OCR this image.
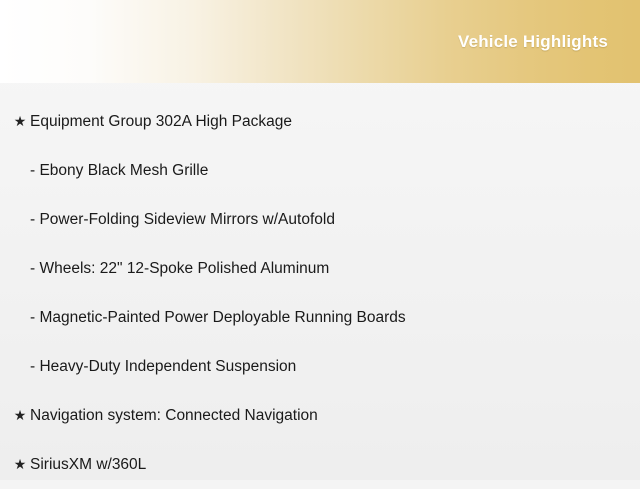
Vehicle Highlights
★ Equipment Group 302A High Package
- Ebony Black Mesh Grille
- Power-Folding Sideview Mirrors w/Autofold
- Wheels: 22" 12-Spoke Polished Aluminum
- Magnetic-Painted Power Deployable Running Boards
- Heavy-Duty Independent Suspension
★ Navigation system: Connected Navigation
★ SiriusXM w/360L
